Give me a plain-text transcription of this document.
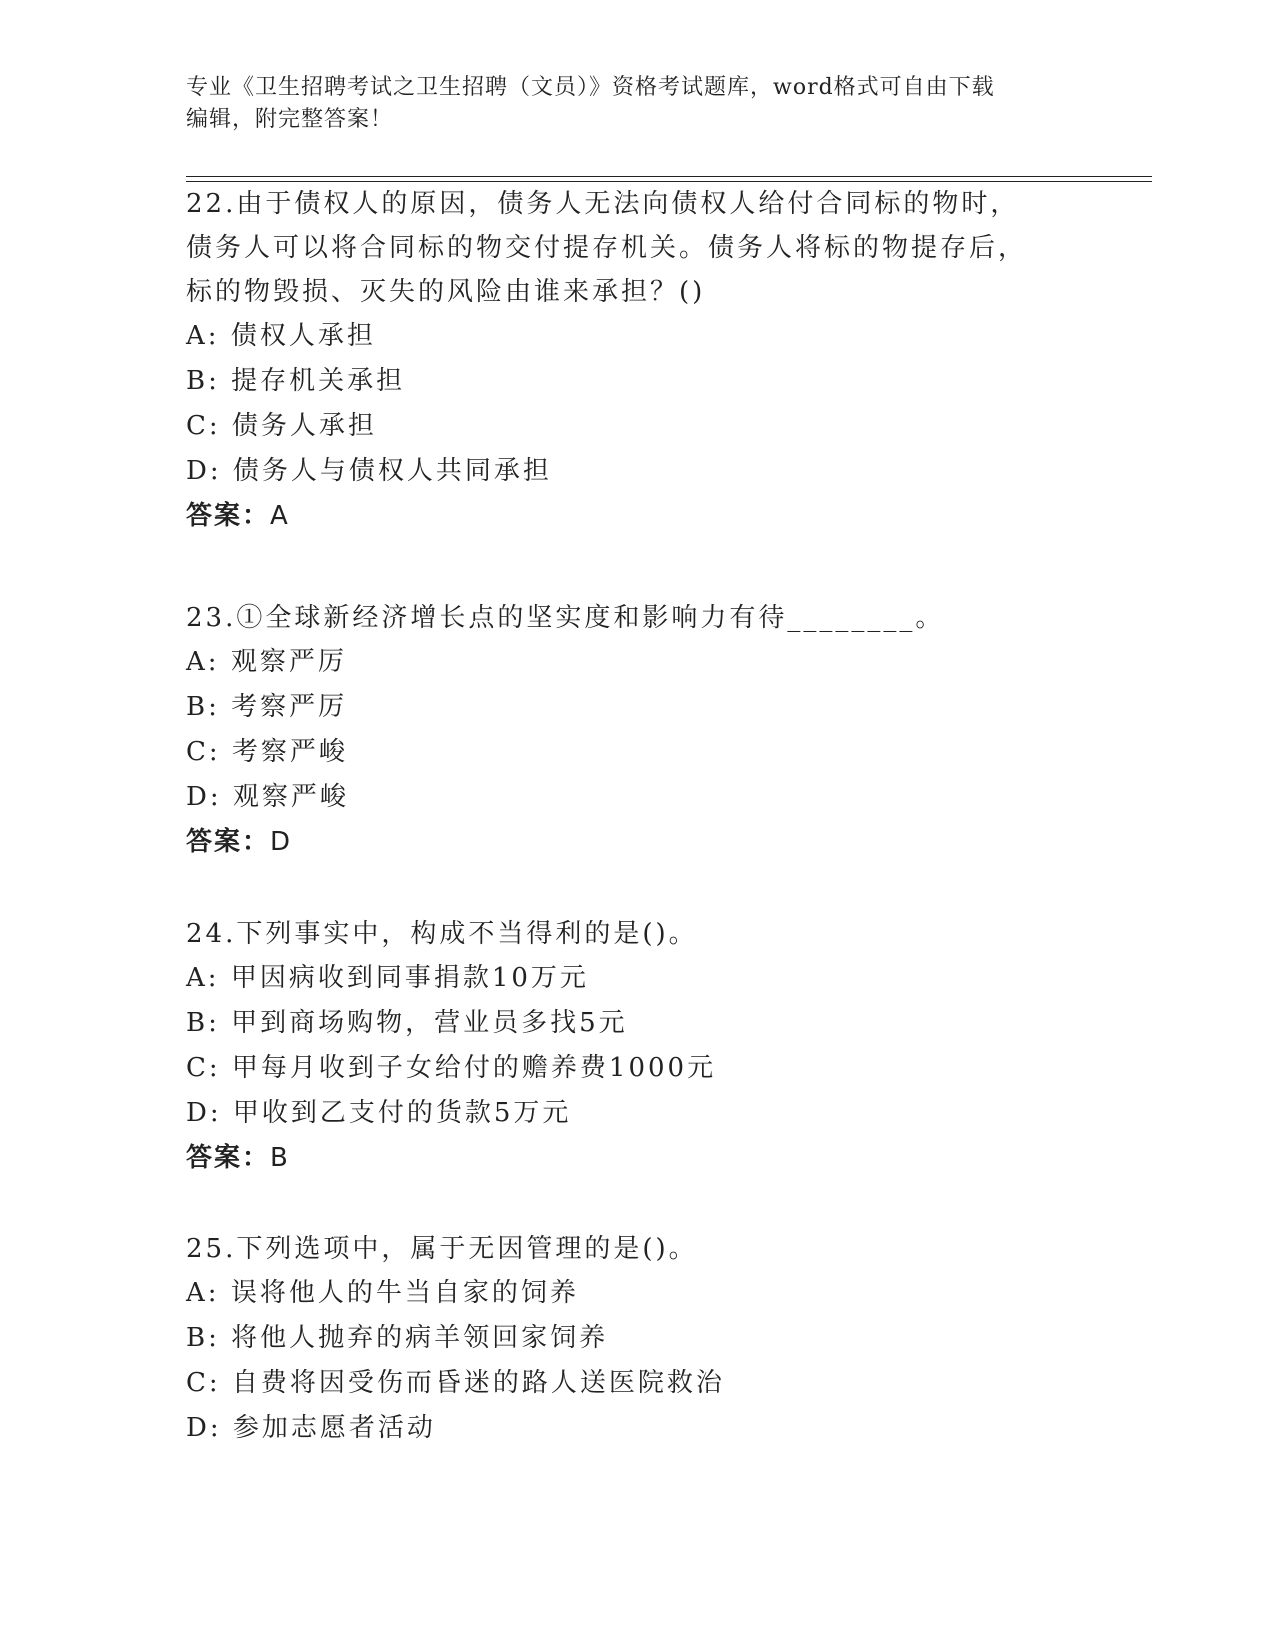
专业《卫生招聘考试之卫生招聘（文员）》资格考试题库，word格式可自由下载
编辑，附完整答案！

22.由于债权人的原因，债务人无法向债权人给付合同标的物时，债务人可以将合同标的物交付提存机关。债务人将标的物提存后，标的物毁损、灭失的风险由谁来承担？()

A: 债权人承担

B: 提存机关承担

C: 债务人承担

D: 债务人与债权人共同承担

答案：A

23.①全球新经济增长点的坚实度和影响力有待________。

A: 观察严厉

B: 考察严厉

C: 考察严峻

D: 观察严峻

答案：D

24.下列事实中，构成不当得利的是()。

A: 甲因病收到同事捐款10万元

B: 甲到商场购物，营业员多找5元

C: 甲每月收到子女给付的赡养费1000元

D: 甲收到乙支付的货款5万元

答案：B

25.下列选项中，属于无因管理的是()。

A: 误将他人的牛当自家的饲养

B: 将他人抛弃的病羊领回家饲养

C: 自费将因受伤而昏迷的路人送医院救治

D: 参加志愿者活动
